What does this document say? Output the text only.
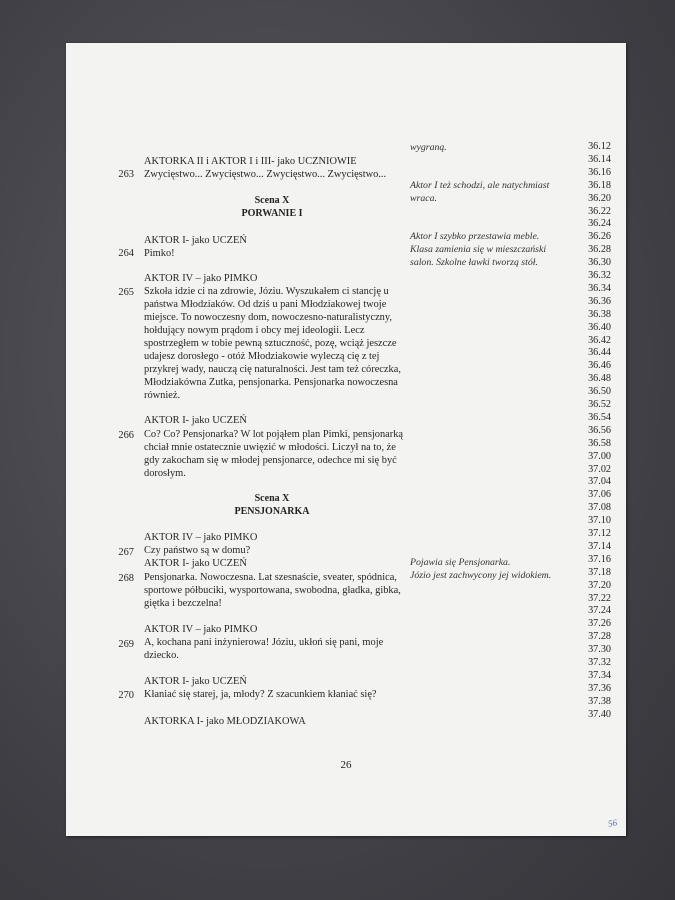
AKTORKA II i AKTOR I i III- jako UCZNIOWIE
263 Zwycięstwo... Zwycięstwo... Zwycięstwo... Zwycięstwo...
Scena X
PORWANIE I
AKTOR I- jako UCZEŃ
264 Pimko!
AKTOR IV – jako PIMKO
265 Szkoła idzie ci na zdrowie, Józiu. Wyszukałem ci stancję u
państwa Młodziaków. Od dziś u pani Młodziakowej twoje
miejsce. To nowoczesny dom, nowoczesno-naturalistyczny,
hołdujący nowym prądom i obcy mej ideologii. Lecz
spostrzegłem w tobie pewną sztuczność, pozę, wciąż jeszcze
udajesz dorosłego - otóż Młodziakowie wyleczą cię z tej
przykrej wady, nauczą cię naturalności. Jest tam też córeczka,
Młodziakówna Zutka, pensjonarka. Pensjonarka nowoczesna
również.
AKTOR I- jako UCZEŃ
266 Co? Co? Pensjonarka? W lot pojąłem plan Pimki, pensjonarką
chciał mnie ostatecznie uwięzić w młodości. Liczył na to, że
gdy zakocham się w młodej pensjonarce, odechce mi się być
dorosłym.
Scena X
PENSJONARKA
AKTOR IV – jako PIMKO
267 Czy państwo są w domu?
AKTOR I- jako UCZEŃ
268 Pensjonarka. Nowoczesna. Lat szesnaście, sveater, spódnica,
sportowe półbuciki, wysportowana, swobodna, gładka, gibka,
giętka i bezczelna!
AKTOR IV – jako PIMKO
269 A, kochana pani inżynierowa! Józiu, ukłoń się pani, moje
dziecko.
AKTOR I- jako UCZEŃ
270 Kłaniać się starej, ja, młody? Z szacunkiem kłaniać się?
AKTORKA I- jako MŁODZIAKOWA
wygraną.
Aktor I też schodzi, ale natychmiast
wraca.
Aktor I szybko przestawia meble.
Klasa zamienia się w mieszczański
salon. Szkolne ławki tworzą stół.
Pojawia się Pensjonarka.
Józio jest zachwycony jej widokiem.
36.12
36.14
36.16
36.18
36.20
36.22
36.24
36.26
36.28
36.30
36.32
36.34
36.36
36.38
36.40
36.42
36.44
36.46
36.48
36.50
36.52
36.54
36.56
36.58
37.00
37.02
37.04
37.06
37.08
37.10
37.12
37.14
37.16
37.18
37.20
37.22
37.24
37.26
37.28
37.30
37.32
37.34
37.36
37.38
37.40
26
56
